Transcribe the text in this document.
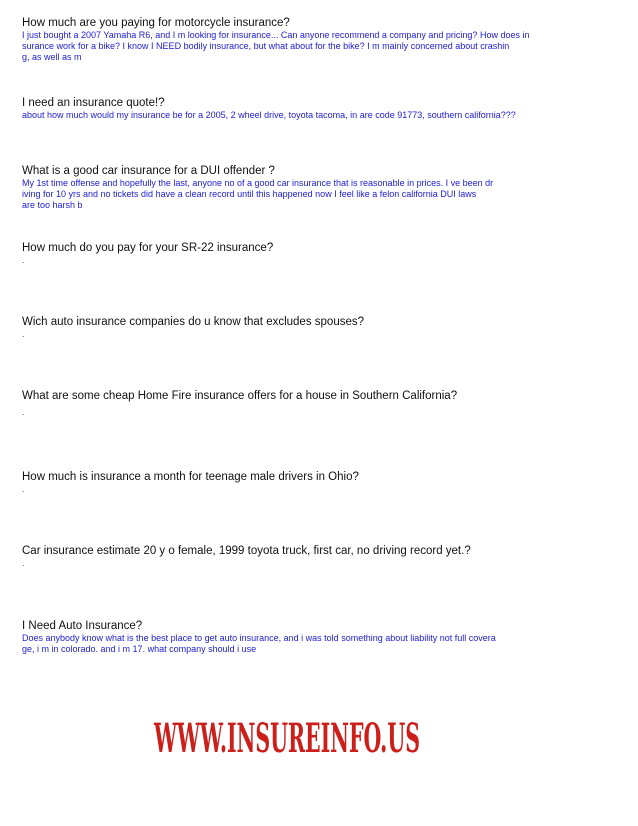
How much are you paying for motorcycle insurance?
I just bought a 2007 Yamaha R6, and I m looking for insurance... Can anyone recommend a company and pricing? How does in
surance work for a bike? I know I NEED bodily insurance, but what about for the bike? I m mainly concerned about crashin
g, as well as m
I need an insurance quote!?
about how much would my insurance be for a 2005, 2 wheel drive, toyota tacoma, in are code 91773, southern california???
What is a good car insurance for a DUI offender ?
My 1st time offense and hopefully the last, anyone no of a good car insurance that is reasonable in prices. I ve been dr
iving for 10 yrs and no tickets did have a clean record until this happened now I feel like a felon california DUI laws
are too harsh b
How much do you pay for your SR-22 insurance?
.
Wich auto insurance companies do u know that excludes spouses?
.
What are some cheap Home Fire insurance offers for a house in Southern California?
.
How much is insurance a month for teenage male drivers in Ohio?
.
Car insurance estimate 20 y o female, 1999 toyota truck, first car, no driving record yet.?
.
I Need Auto Insurance?
Does anybody know what is the best place to get auto insurance, and i was told something about liability not full covera
ge, i m in colorado. and i m 17. what company should i use
WWW.INSUREINFO.US
